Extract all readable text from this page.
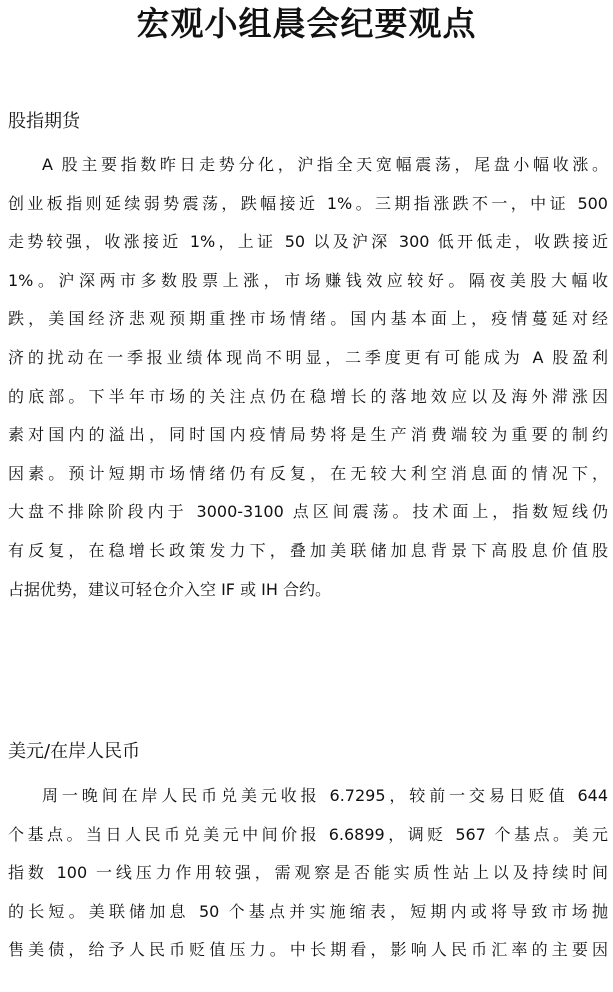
宏观小组晨会纪要观点
股指期货
A 股主要指数昨日走势分化，沪指全天宽幅震荡，尾盘小幅收涨。
创业板指则延续弱势震荡，跌幅接近 1%。三期指涨跌不一，中证 500
走势较强，收涨接近 1%，上证 50 以及沪深 300 低开低走，收跌接近
1%。沪深两市多数股票上涨，市场赚钱效应较好。隔夜美股大幅收
跌，美国经济悲观预期重挫市场情绪。国内基本面上，疫情蔓延对经
济的扰动在一季报业绩体现尚不明显，二季度更有可能成为 A 股盈利
的底部。下半年市场的关注点仍在稳增长的落地效应以及海外滞涨因
素对国内的溢出，同时国内疫情局势将是生产消费端较为重要的制约
因素。预计短期市场情绪仍有反复，在无较大利空消息面的情况下，
大盘不排除阶段内于 3000-3100 点区间震荡。技术面上，指数短线仍
有反复，在稳增长政策发力下，叠加美联储加息背景下高股息价值股
占据优势，建议可轻仓介入空 IF 或 IH 合约。
美元/在岸人民币
周一晚间在岸人民币兑美元收报 6.7295，较前一交易日贬值 644
个基点。当日人民币兑美元中间价报 6.6899，调贬 567 个基点。美元
指数 100 一线压力作用较强，需观察是否能实质性站上以及持续时间
的长短。美联储加息 50 个基点并实施缩表，短期内或将导致市场抛
售美债，给予人民币贬值压力。中长期看，影响人民币汇率的主要因
